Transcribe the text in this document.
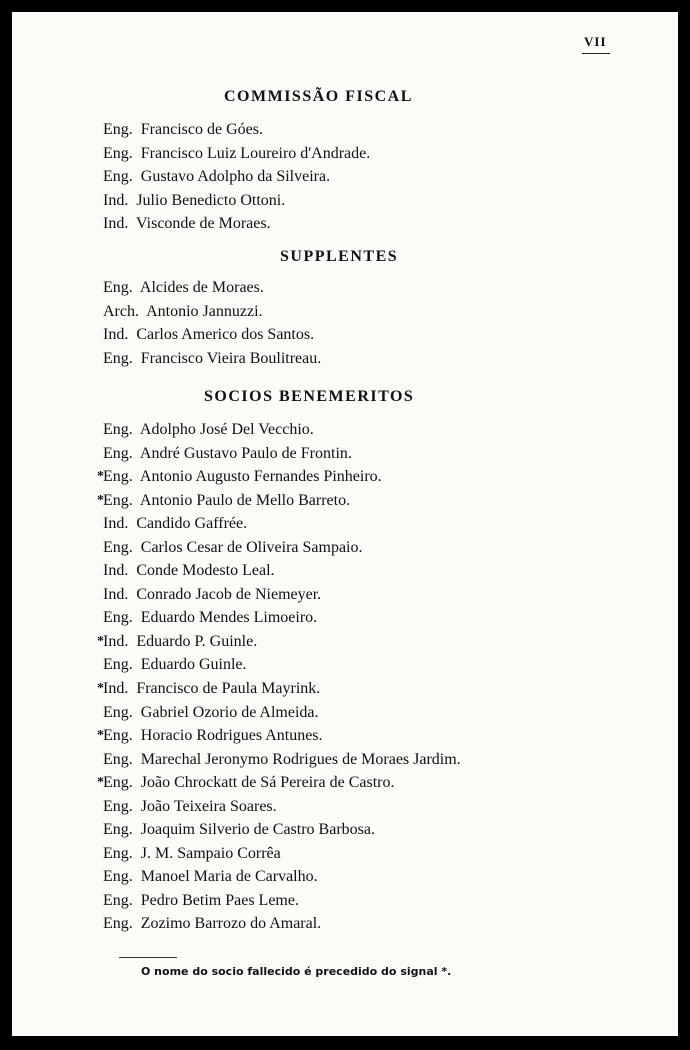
VII
COMMISSÃO FISCAL
Eng. Francisco de Góes.
Eng. Francisco Luiz Loureiro d'Andrade.
Eng. Gustavo Adolpho da Silveira.
Ind. Julio Benedicto Ottoni.
Ind. Visconde de Moraes.
SUPPLENTES
Eng. Alcides de Moraes.
Arch. Antonio Jannuzzi.
Ind. Carlos Americo dos Santos.
Eng. Francisco Vieira Boulitreau.
SOCIOS BENEMERITOS
Eng. Adolpho José Del Vecchio.
Eng. André Gustavo Paulo de Frontin.
* Eng. Antonio Augusto Fernandes Pinheiro.
* Eng. Antonio Paulo de Mello Barreto.
Ind. Candido Gaffrée.
Eng. Carlos Cesar de Oliveira Sampaio.
Ind. Conde Modesto Leal.
Ind. Conrado Jacob de Niemeyer.
Eng. Eduardo Mendes Limoeiro.
* Ind. Eduardo P. Guinle.
Eng. Eduardo Guinle.
* Ind. Francisco de Paula Mayrink.
Eng. Gabriel Ozorio de Almeida.
* Eng. Horacio Rodrigues Antunes.
Eng. Marechal Jeronymo Rodrigues de Moraes Jardim.
* Eng. João Chrockatt de Sá Pereira de Castro.
Eng. João Teixeira Soares.
Eng. Joaquim Silverio de Castro Barbosa.
Eng. J. M. Sampaio Corrêa
Eng. Manoel Maria de Carvalho.
Eng. Pedro Betim Paes Leme.
Eng. Zozimo Barrozo do Amaral.
O nome do socio fallecido é precedido do signal *.
